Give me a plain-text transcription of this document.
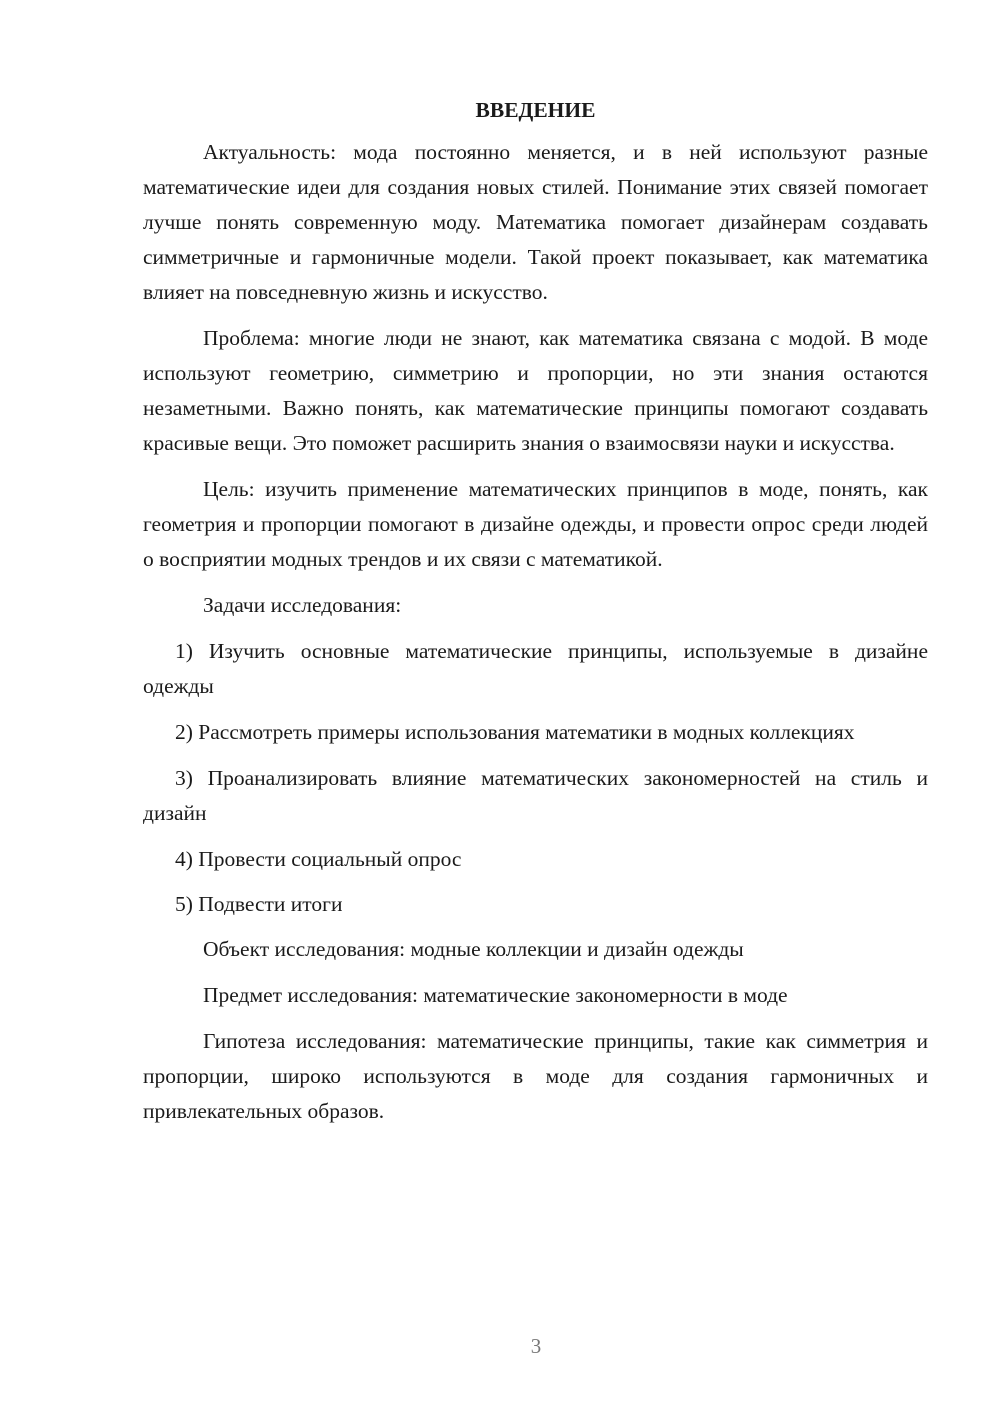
ВВЕДЕНИЕ

Актуальность: мода постоянно меняется, и в ней используют разные математические идеи для создания новых стилей. Понимание этих связей помогает лучше понять современную моду. Математика помогает дизайнерам создавать симметричные и гармоничные модели. Такой проект показывает, как математика влияет на повседневную жизнь и искусство.

Проблема: многие люди не знают, как математика связана с модой. В моде используют геометрию, симметрию и пропорции, но эти знания остаются незаметными. Важно понять, как математические принципы помогают создавать красивые вещи. Это поможет расширить знания о взаимосвязи науки и искусства.

Цель: изучить применение математических принципов в моде, понять, как геометрия и пропорции помогают в дизайне одежды, и провести опрос среди людей о восприятии модных трендов и их связи с математикой.

Задачи исследования:

1) Изучить основные математические принципы, используемые в дизайне одежды

2) Рассмотреть примеры использования математики в модных коллекциях

3) Проанализировать влияние математических закономерностей на стиль и дизайн

4) Провести социальный опрос

5) Подвести итоги

Объект исследования: модные коллекции и дизайн одежды

Предмет исследования: математические закономерности в моде

Гипотеза исследования: математические принципы, такие как симметрия и пропорции, широко используются в моде для создания гармоничных и привлекательных образов.

3
